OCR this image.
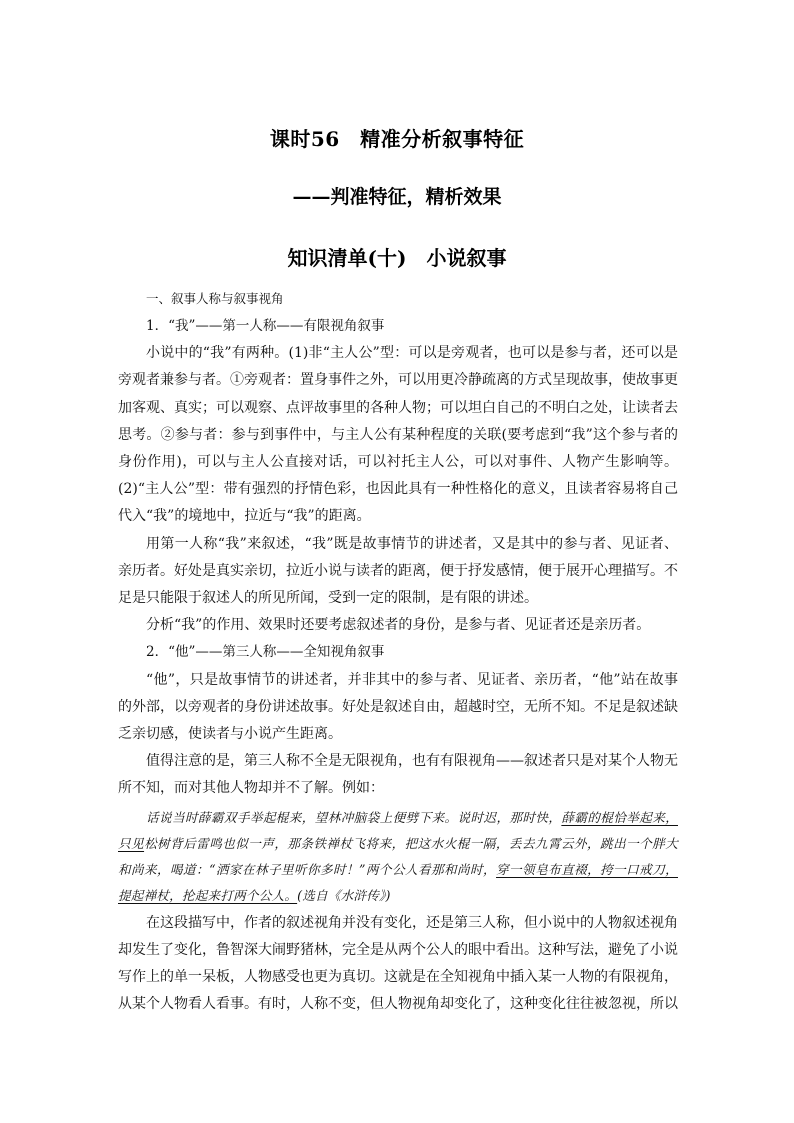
课时56　精准分析叙事特征
——判准特征，精析效果
知识清单(十)　小说叙事

一、叙事人称与叙事视角

1．“我”——第一人称——有限视角叙事

小说中的“我”有两种。(1)非“主人公”型：可以是旁观者，也可以是参与者，还可以是旁观者兼参与者。①旁观者：置身事件之外，可以用更冷静疏离的方式呈现故事，使故事更加客观、真实；可以观察、点评故事里的各种人物；可以坦白自己的不明白之处，让读者去思考。②参与者：参与到事件中，与主人公有某种程度的关联(要考虑到“我”这个参与者的身份作用)，可以与主人公直接对话，可以衬托主人公，可以对事件、人物产生影响等。(2)“主人公”型：带有强烈的抒情色彩，也因此具有一种性格化的意义，且读者容易将自己代入“我”的境地中，拉近与“我”的距离。

用第一人称“我”来叙述，“我”既是故事情节的讲述者，又是其中的参与者、见证者、亲历者。好处是真实亲切，拉近小说与读者的距离，便于抒发感情，便于展开心理描写。不足是只能限于叙述人的所见所闻，受到一定的限制，是有限的讲述。

分析“我”的作用、效果时还要考虑叙述者的身份，是参与者、见证者还是亲历者。

2．“他”——第三人称——全知视角叙事

“他”，只是故事情节的讲述者，并非其中的参与者、见证者、亲历者，“他”站在故事的外部，以旁观者的身份讲述故事。好处是叙述自由，超越时空，无所不知。不足是叙述缺乏亲切感，使读者与小说产生距离。

值得注意的是，第三人称不全是无限视角，也有有限视角——叙述者只是对某个人物无所不知，而对其他人物却并不了解。例如：

话说当时薛霸双手举起棍来，望林冲脑袋上便劈下来。说时迟，那时快，薛霸的棍恰举起来，只见松树背后雷鸣也似一声，那条铁禅杖飞将来，把这水火棍一隔，丢去九霄云外，跳出一个胖大和尚来，喝道：“洒家在林子里听你多时！”两个公人看那和尚时，穿一领皂布直裰，挎一口戒刀，提起禅杖，抡起来打两个公人。(选自《水浒传》)

在这段描写中，作者的叙述视角并没有变化，还是第三人称，但小说中的人物叙述视角却发生了变化，鲁智深大闹野猪林，完全是从两个公人的眼中看出。这种写法，避免了小说写作上的单一呆板，人物感受也更为真切。这就是在全知视角中插入某一人物的有限视角，从某个人物看人看事。有时，人称不变，但人物视角却变化了，这种变化往往被忽视，所以
